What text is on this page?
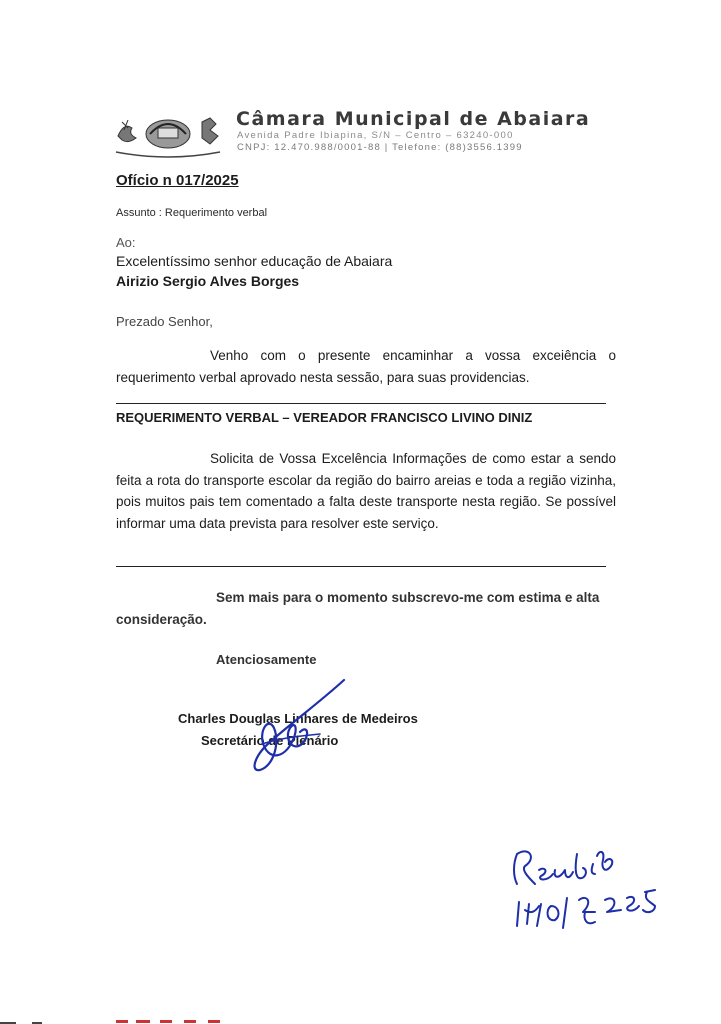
Câmara Municipal de Abaiara
Avenida Padre Ibiapina, S/N – Centro – 63240-000
CNPJ: 12.470.988/0001-88 | Telefone: (88)3556.1399
Ofício n 017/2025
Assunto : Requerimento verbal
Ao:
Excelentíssimo senhor educação de Abaiara
Airizio Sergio Alves Borges
Prezado Senhor,
Venho com o presente encaminhar a vossa exceiência o requerimento verbal aprovado nesta sessão, para suas providencias.
REQUERIMENTO VERBAL – VEREADOR FRANCISCO LIVINO DINIZ
Solicita de Vossa Excelência Informações de como estar a sendo feita a rota do transporte escolar da região do bairro areias e toda a região vizinha, pois muitos pais tem comentado a falta deste transporte nesta região. Se possível informar uma data prevista para resolver este serviço.
Sem mais para o momento subscrevo-me com estima e alta consideração.
Atenciosamente
Charles Douglas Linhares de Medeiros
Secretário de Plenário
